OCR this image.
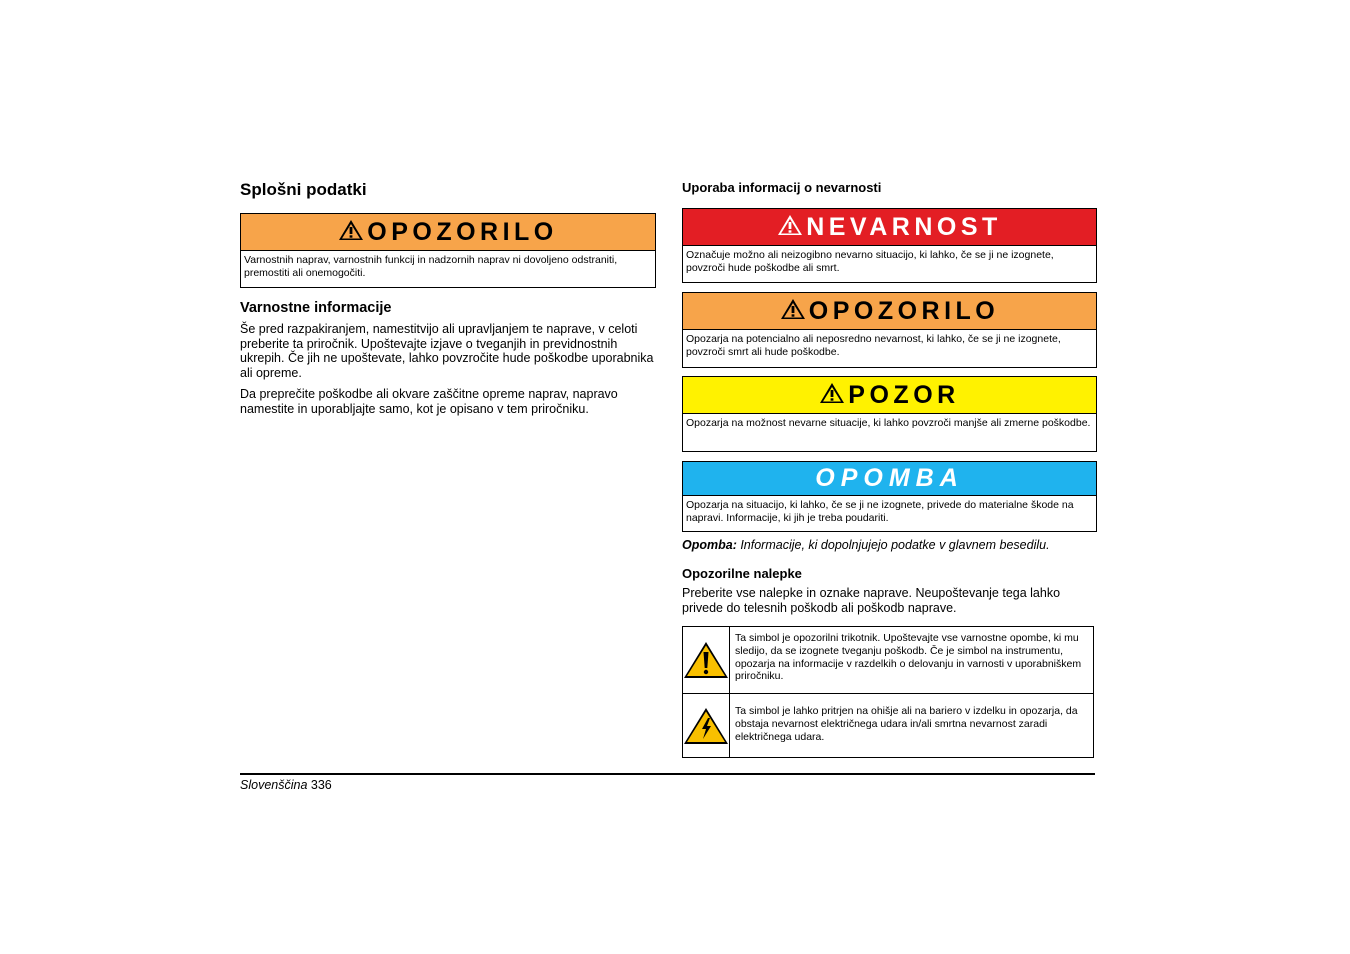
Splošni podatki
OPOZORILO
Varnostnih naprav, varnostnih funkcij in nadzornih naprav ni dovoljeno odstraniti, premostiti ali onemogočiti.
Varnostne informacije
Še pred razpakiranjem, namestitvijo ali upravljanjem te naprave, v celoti preberite ta priročnik. Upoštevajte izjave o tveganjih in previdnostnih ukrepih. Če jih ne upoštevate, lahko povzročite hude poškodbe uporabnika ali opreme.
Da preprečite poškodbe ali okvare zaščitne opreme naprav, napravo namestite in uporabljajte samo, kot je opisano v tem priročniku.
Uporaba informacij o nevarnosti
NEVARNOST
Označuje možno ali neizogibno nevarno situacijo, ki lahko, če se ji ne izognete, povzroči hude poškodbe ali smrt.
OPOZORILO
Opozarja na potencialno ali neposredno nevarnost, ki lahko, če se ji ne izognete, povzroči smrt ali hude poškodbe.
POZOR
Opozarja na možnost nevarne situacije, ki lahko povzroči manjše ali zmerne poškodbe.
OPOMBA
Opozarja na situacijo, ki lahko, če se ji ne izognete, privede do materialne škode na napravi. Informacije, ki jih je treba poudariti.
Opomba: Informacije, ki dopolnjujejo podatke v glavnem besedilu.
Opozorilne nalepke
Preberite vse nalepke in oznake naprave. Neupoštevanje tega lahko privede do telesnih poškodb ali poškodb naprave.
Ta simbol je opozorilni trikotnik. Upoštevajte vse varnostne opombe, ki mu sledijo, da se izognete tveganju poškodb. Če je simbol na instrumentu, opozarja na informacije v razdelkih o delovanju in varnosti v uporabniškem priročniku.
Ta simbol je lahko pritrjen na ohišje ali na bariero v izdelku in opozarja, da obstaja nevarnost električnega udara in/ali smrtna nevarnost zaradi električnega udara.
Slovenščina 336
